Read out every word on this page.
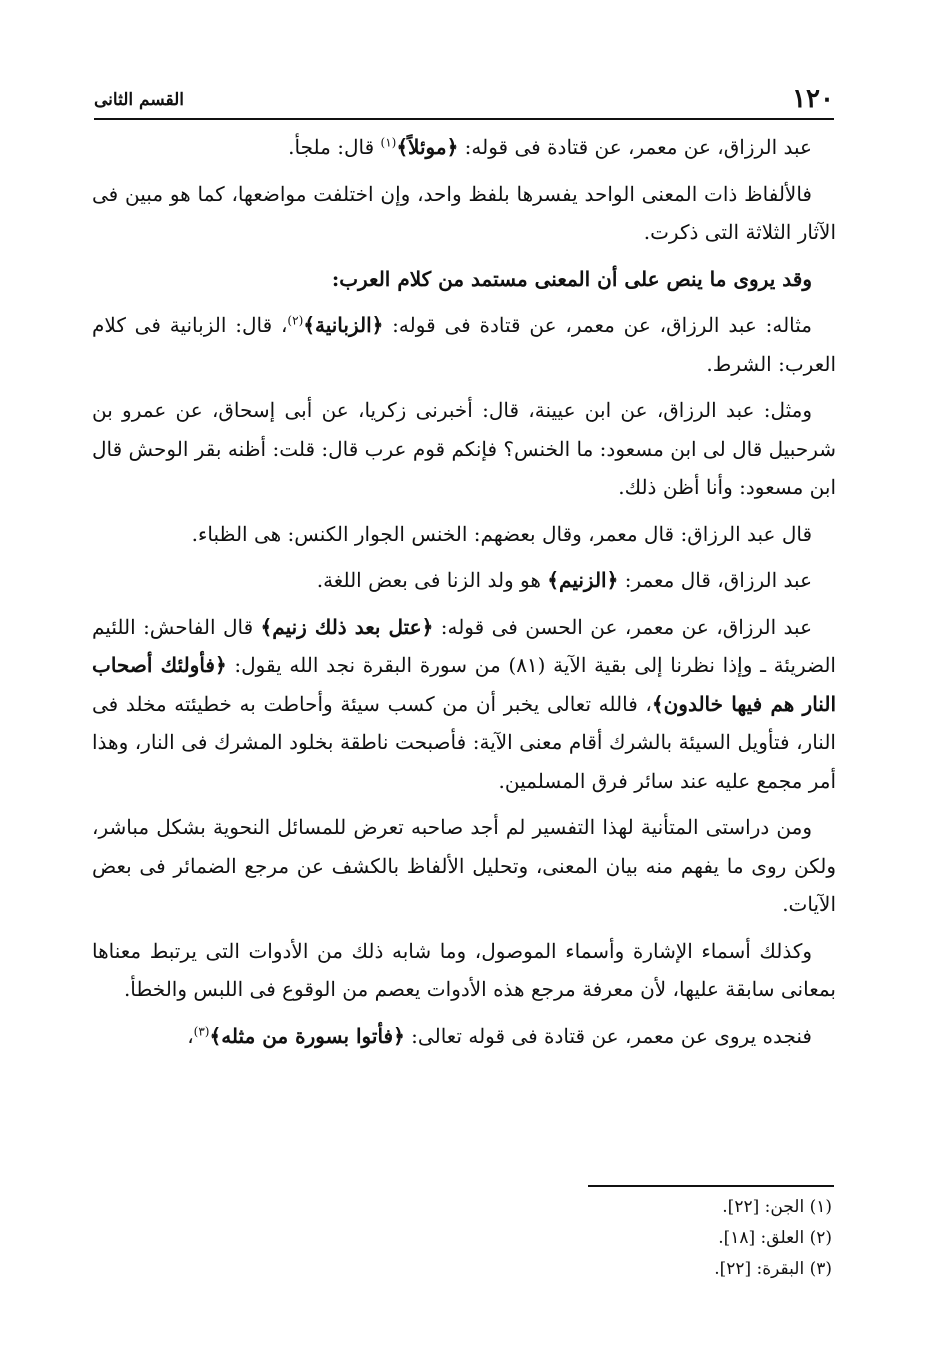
١٢٠
القسم الثانى

عبد الرزاق، عن معمر، عن قتادة فى قوله: ﴿موئلاً﴾$^{(١)}$ قال: ملجأ.

فالألفاظ ذات المعنى الواحد يفسرها بلفظ واحد، وإن اختلفت مواضعها، كما هو مبين فى الآثار الثلاثة التى ذكرت.

وقد يروى ما ينص على أن المعنى مستمد من كلام العرب:

مثاله: عبد الرزاق، عن معمر، عن قتادة فى قوله: ﴿الزبانية﴾$^{(٢)}$، قال: الزبانية فى كلام العرب: الشرط.

ومثل: عبد الرزاق، عن ابن عيينة، قال: أخبرنى زكريا، عن أبى إسحاق، عن عمرو بن شرحبيل قال لى ابن مسعود: ما الخنس؟ فإنكم قوم عرب قال: قلت: أظنه بقر الوحش قال ابن مسعود: وأنا أظن ذلك.

قال عبد الرزاق: قال معمر، وقال بعضهم: الخنس الجوار الكنس: هى الظباء.

عبد الرزاق، قال معمر: ﴿الزنيم﴾ هو ولد الزنا فى بعض اللغة.

عبد الرزاق، عن معمر، عن الحسن فى قوله: ﴿عتل بعد ذلك زنيم﴾ قال الفاحش: اللئيم الضريئة ـ وإذا نظرنا إلى بقية الآية (٨١) من سورة البقرة نجد الله يقول: ﴿فأولئك أصحاب النار هم فيها خالدون﴾، فالله تعالى يخبر أن من كسب سيئة وأحاطت به خطيئته مخلد فى النار، فتأويل السيئة بالشرك أقام معنى الآية: فأصبحت ناطقة بخلود المشرك فى النار، وهذا أمر مجمع عليه عند سائر فرق المسلمين.

ومن دراستى المتأنية لهذا التفسير لم أجد صاحبه تعرض للمسائل النحوية بشكل مباشر، ولكن روى ما يفهم منه بيان المعنى، وتحليل الألفاظ بالكشف عن مرجع الضمائر فى بعض الآيات.

وكذلك أسماء الإشارة وأسماء الموصول، وما شابه ذلك من الأدوات التى يرتبط معناها بمعانى سابقة عليها، لأن معرفة مرجع هذه الأدوات يعصم من الوقوع فى اللبس والخطأ.

فنجده يروى عن معمر، عن قتادة فى قوله تعالى: ﴿فأتوا بسورة من مثله﴾$^{(٣)}$،

(١) الجن: [٢٢].
(٢) العلق: [١٨].
(٣) البقرة: [٢٢].
